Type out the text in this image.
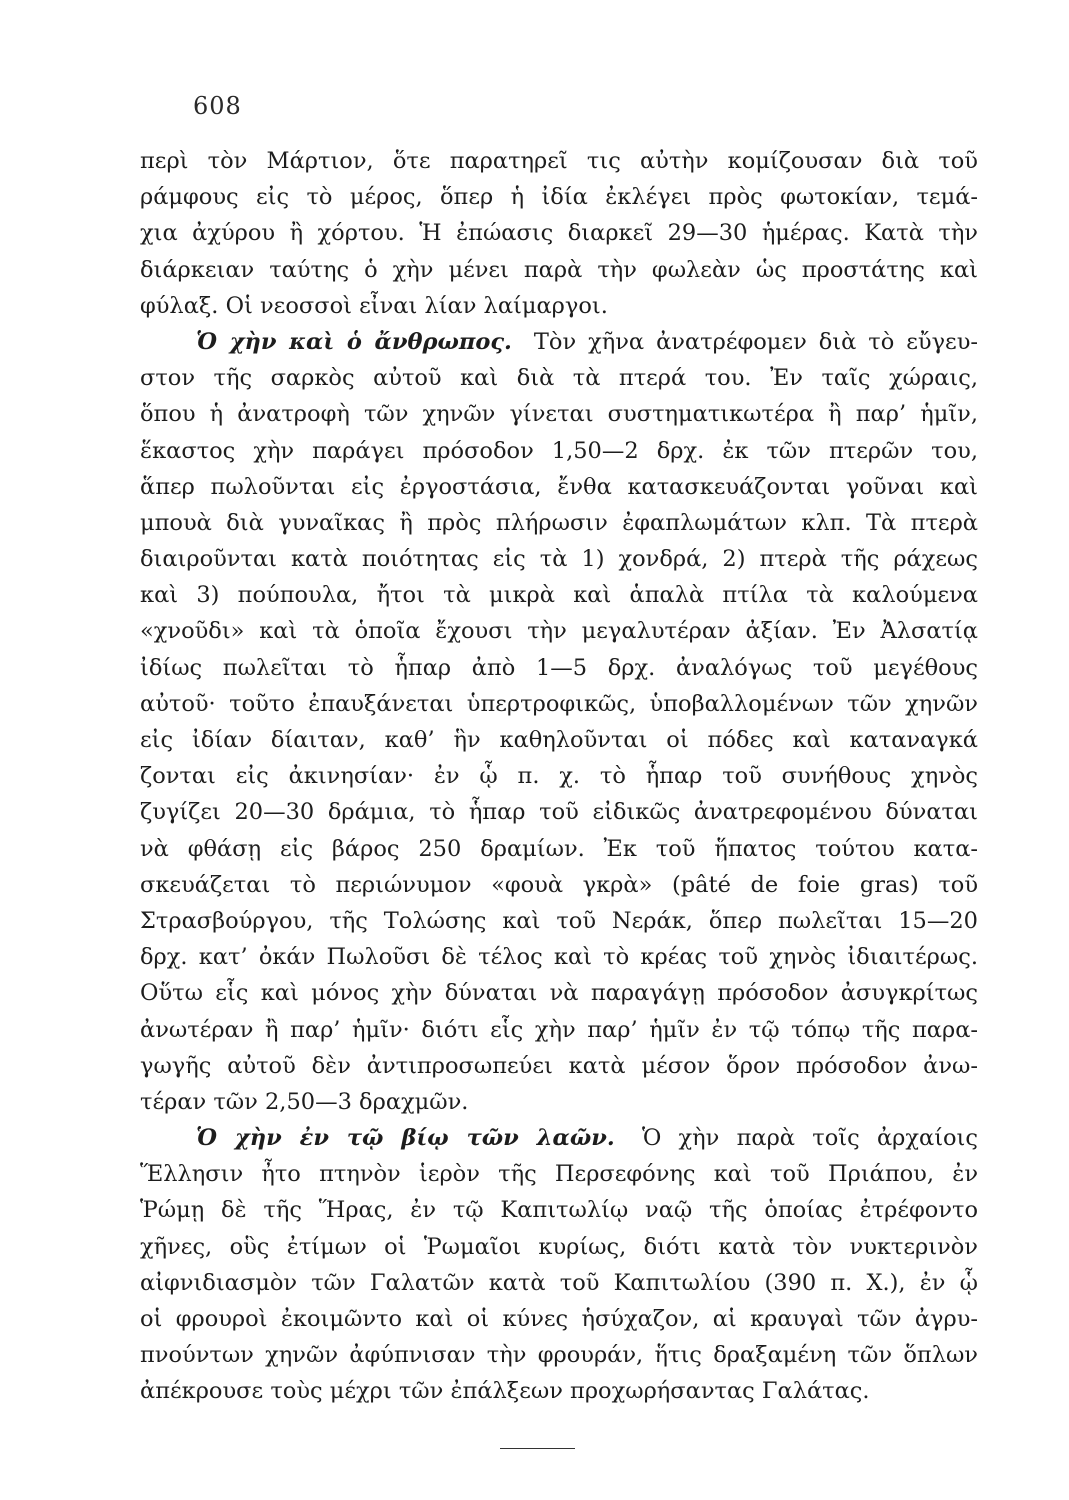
608
περὶ τὸν Μάρτιον, ὅτε παρατηρεῖ τις αὐτὴν κομίζουσαν διὰ τοῦ
ράμφους εἰς τὸ μέρος, ὅπερ ἡ ἰδία ἐκλέγει πρὸς φωτοκίαν, τεμά-
χια ἀχύρου ἢ χόρτου. Ἡ ἐπώασις διαρκεῖ 29—30 ἡμέρας. Κατὰ τὴν
διάρκειαν ταύτης ὁ χὴν μένει παρὰ τὴν φωλεὰν ὡς προστάτης καὶ
φύλαξ. Οἱ νεοσσοὶ εἶναι λίαν λαίμαργοι.
Ὁ χὴν καὶ ὁ ἄνθρωπος. Τὸν χῆνα ἀνατρέφομεν διὰ τὸ εὔγευ-
στον τῆς σαρκὸς αὐτοῦ καὶ διὰ τὰ πτερά του. Ἐν ταῖς χώραις,
ὅπου ἡ ἀνατροφὴ τῶν χηνῶν γίνεται συστηματικωτέρα ἢ παρ’ ἡμῖν,
ἕκαστος χὴν παράγει πρόσοδον 1,50—2 δρχ. ἐκ τῶν πτερῶν του,
ἅπερ πωλοῦνται εἰς ἐργοστάσια, ἔνθα κατασκευάζονται γοῦναι καὶ
μπουὰ διὰ γυναῖκας ἢ πρὸς πλήρωσιν ἐφαπλωμάτων κλπ. Τὰ πτερὰ
διαιροῦνται κατὰ ποιότητας εἰς τὰ 1) χονδρά, 2) πτερὰ τῆς ράχεως
καὶ 3) πούπουλα, ἤτοι τὰ μικρὰ καὶ ἁπαλὰ πτίλα τὰ καλούμενα
«χνοῦδι» καὶ τὰ ὁποῖα ἔχουσι τὴν μεγαλυτέραν ἀξίαν. Ἐν Ἀλσατίᾳ
ἰδίως πωλεῖται τὸ ἧπαρ ἀπὸ 1—5 δρχ. ἀναλόγως τοῦ μεγέθους
αὐτοῦ· τοῦτο ἐπαυξάνεται ὑπερτροφικῶς, ὑποβαλλομένων τῶν χηνῶν
εἰς ἰδίαν δίαιταν, καθ’ ἣν καθηλοῦνται οἱ πόδες καὶ καταναγκά
ζονται εἰς ἀκινησίαν· ἐν ᾧ π. χ. τὸ ἧπαρ τοῦ συνήθους χηνὸς
ζυγίζει 20—30 δράμια, τὸ ἧπαρ τοῦ εἰδικῶς ἀνατρεφομένου δύναται
νὰ φθάσῃ εἰς βάρος 250 δραμίων. Ἐκ τοῦ ἥπατος τούτου κατα-
σκευάζεται τὸ περιώνυμον «φουὰ γκρὰ» (pâté de foie gras) τοῦ
Στρασβούργου, τῆς Τολώσης καὶ τοῦ Νεράκ, ὅπερ πωλεῖται 15—20
δρχ. κατ’ ὀκάν Πωλοῦσι δὲ τέλος καὶ τὸ κρέας τοῦ χηνὸς ἰδιαιτέρως.
Οὕτω εἷς καὶ μόνος χὴν δύναται νὰ παραγάγῃ πρόσοδον ἀσυγκρίτως
ἀνωτέραν ἢ παρ’ ἡμῖν· διότι εἷς χὴν παρ’ ἡμῖν ἐν τῷ τόπῳ τῆς παρα-
γωγῆς αὐτοῦ δὲν ἀντιπροσωπεύει κατὰ μέσον ὅρον πρόσοδον ἀνω-
τέραν τῶν 2,50—3 δραχμῶν.
Ὁ χὴν ἐν τῷ βίῳ τῶν λαῶν. Ὁ χὴν παρὰ τοῖς ἀρχαίοις
Ἕλλησιν ἦτο πτηνὸν ἱερὸν τῆς Περσεφόνης καὶ τοῦ Πριάπου, ἐν
Ῥώμῃ δὲ τῆς Ἥρας, ἐν τῷ Καπιτωλίῳ ναῷ τῆς ὁποίας ἐτρέφοντο
χῆνες, οὓς ἐτίμων οἱ Ῥωμαῖοι κυρίως, διότι κατὰ τὸν νυκτερινὸν
αἰφνιδιασμὸν τῶν Γαλατῶν κατὰ τοῦ Καπιτωλίου (390 π. Χ.), ἐν ᾧ
οἱ φρουροὶ ἐκοιμῶντο καὶ οἱ κύνες ἡσύχαζον, αἱ κραυγαὶ τῶν ἀγρυ-
πνούντων χηνῶν ἀφύπνισαν τὴν φρουράν, ἥτις δραξαμένη τῶν ὅπλων
ἀπέκρουσε τοὺς μέχρι τῶν ἐπάλξεων προχωρήσαντας Γαλάτας.
